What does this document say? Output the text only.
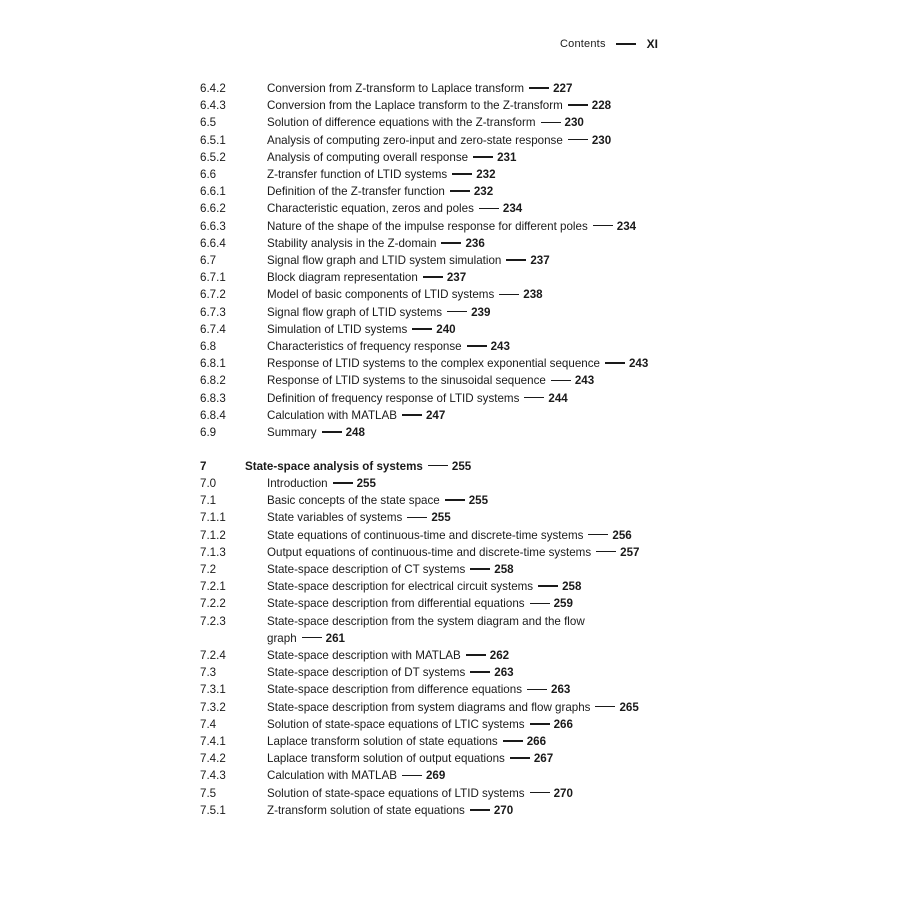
Contents	XI
6.4.2	Conversion from Z-transform to Laplace transform	227
6.4.3	Conversion from the Laplace transform to the Z-transform	228
6.5	Solution of difference equations with the Z-transform	230
6.5.1	Analysis of computing zero-input and zero-state response	230
6.5.2	Analysis of computing overall response	231
6.6	Z-transfer function of LTID systems	232
6.6.1	Definition of the Z-transfer function	232
6.6.2	Characteristic equation, zeros and poles	234
6.6.3	Nature of the shape of the impulse response for different poles	234
6.6.4	Stability analysis in the Z-domain	236
6.7	Signal flow graph and LTID system simulation	237
6.7.1	Block diagram representation	237
6.7.2	Model of basic components of LTID systems	238
6.7.3	Signal flow graph of LTID systems	239
6.7.4	Simulation of LTID systems	240
6.8	Characteristics of frequency response	243
6.8.1	Response of LTID systems to the complex exponential sequence	243
6.8.2	Response of LTID systems to the sinusoidal sequence	243
6.8.3	Definition of frequency response of LTID systems	244
6.8.4	Calculation with MATLAB	247
6.9	Summary	248
7	State-space analysis of systems	255
7.0	Introduction	255
7.1	Basic concepts of the state space	255
7.1.1	State variables of systems	255
7.1.2	State equations of continuous-time and discrete-time systems	256
7.1.3	Output equations of continuous-time and discrete-time systems	257
7.2	State-space description of CT systems	258
7.2.1	State-space description for electrical circuit systems	258
7.2.2	State-space description from differential equations	259
7.2.3	State-space description from the system diagram and the flow graph	261
7.2.4	State-space description with MATLAB	262
7.3	State-space description of DT systems	263
7.3.1	State-space description from difference equations	263
7.3.2	State-space description from system diagrams and flow graphs	265
7.4	Solution of state-space equations of LTIC systems	266
7.4.1	Laplace transform solution of state equations	266
7.4.2	Laplace transform solution of output equations	267
7.4.3	Calculation with MATLAB	269
7.5	Solution of state-space equations of LTID systems	270
7.5.1	Z-transform solution of state equations	270
